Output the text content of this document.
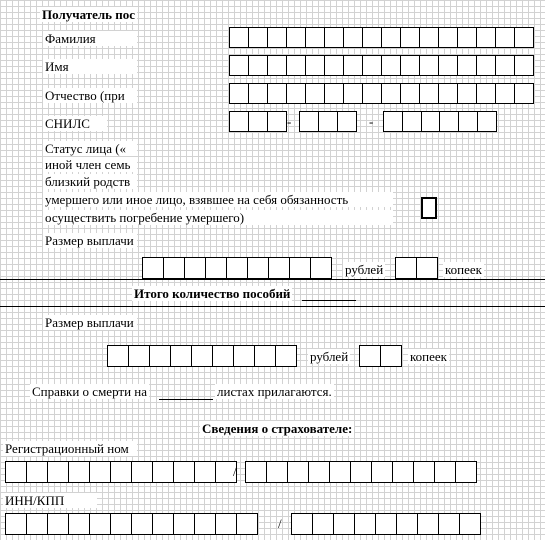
Получатель пос
Фамилия
Имя
Отчество (при
СНИЛС	-	-
Статус лица («
иной член семь
близкий родств
умершего или иное лицо, взявшее на себя обязанность
осуществить погребение умершего)
Размер выплачи
рублей	копеек
Итого количество пособий
Размер выплачи
рублей	копеек
Справки о смерти на	листах прилагаются.
Сведения о страхователе:
Регистрационный ном
/
ИНН/КПП
/
